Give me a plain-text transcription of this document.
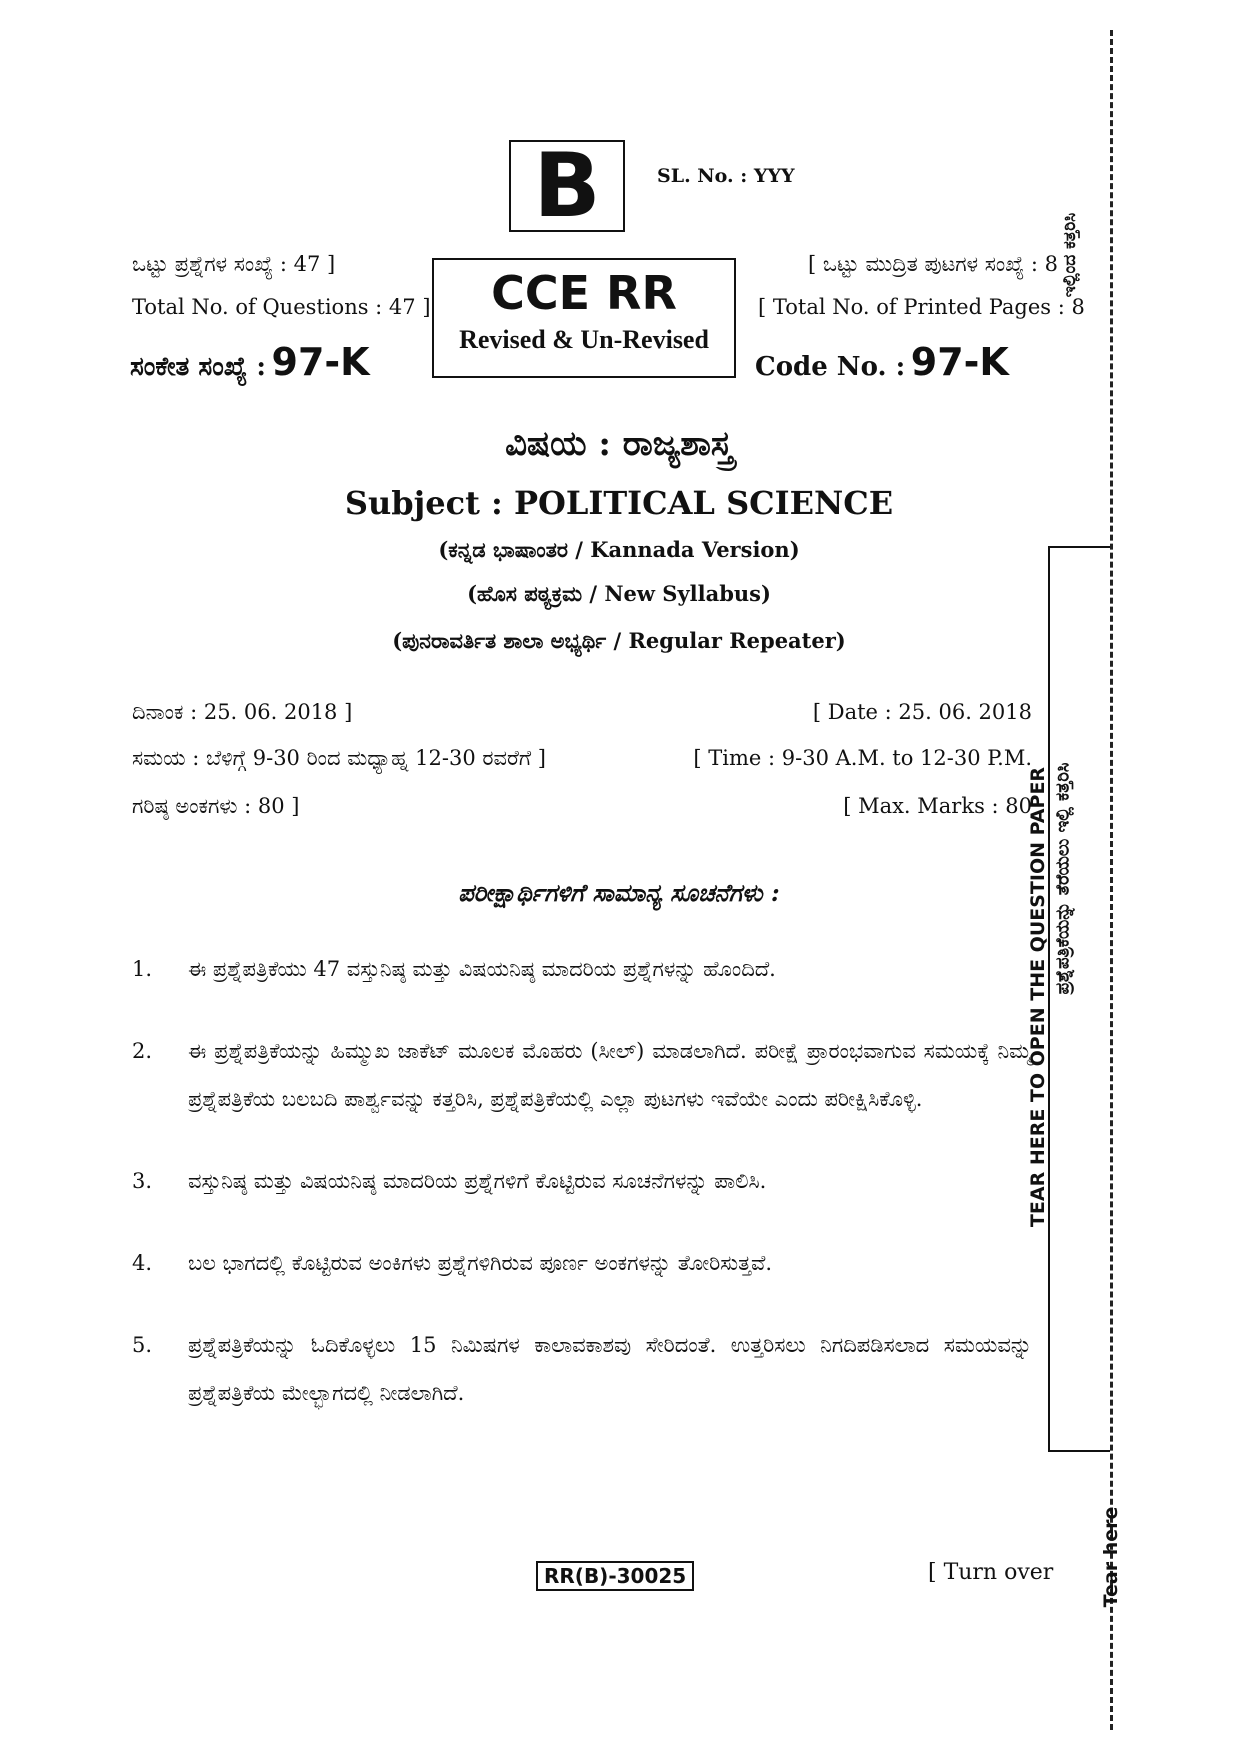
B	SL. No. : YYY
ಒಟ್ಟು ಪ್ರಶ್ನೆಗಳ ಸಂಖ್ಯೆ : 47 ]
Total No. of Questions : 47 ]
[ ಒಟ್ಟು ಮುದ್ರಿತ ಪುಟಗಳ ಸಂಖ್ಯೆ : 8
[ Total No. of Printed Pages : 8
CCE RR
Revised & Un-Revised
ಸಂಕೇತ ಸಂಖ್ಯೆ : 97-K	Code No. : 97-K
ವಿಷಯ : ರಾಜ್ಯಶಾಸ್ತ್ರ
Subject : POLITICAL SCIENCE
(ಕನ್ನಡ ಭಾಷಾಂತರ / Kannada Version)
(ಹೊಸ ಪಠ್ಯಕ್ರಮ / New Syllabus)
(ಪುನರಾವರ್ತಿತ ಶಾಲಾ ಅಭ್ಯರ್ಥಿ / Regular Repeater)
ದಿನಾಂಕ : 25. 06. 2018 ]	[ Date : 25. 06. 2018
ಸಮಯ : ಬೆಳಿಗ್ಗೆ 9-30 ರಿಂದ ಮಧ್ಯಾಹ್ನ 12-30 ರವರೆಗೆ ]	[ Time : 9-30 A.M. to 12-30 P.M.
ಗರಿಷ್ಠ ಅಂಕಗಳು : 80 ]	[ Max. Marks : 80
ಪರೀಕ್ಷಾರ್ಥಿಗಳಿಗೆ ಸಾಮಾನ್ಯ ಸೂಚನೆಗಳು :
1.	ಈ ಪ್ರಶ್ನೆಪತ್ರಿಕೆಯು 47 ವಸ್ತುನಿಷ್ಠ ಮತ್ತು ವಿಷಯನಿಷ್ಠ ಮಾದರಿಯ ಪ್ರಶ್ನೆಗಳನ್ನು ಹೊಂದಿದೆ.
2.	ಈ ಪ್ರಶ್ನೆಪತ್ರಿಕೆಯನ್ನು ಹಿಮ್ಮುಖ ಜಾಕೆಟ್ ಮೂಲಕ ಮೊಹರು (ಸೀಲ್) ಮಾಡಲಾಗಿದೆ. ಪರೀಕ್ಷೆ ಪ್ರಾರಂಭವಾಗುವ ಸಮಯಕ್ಕೆ ನಿಮ್ಮ ಪ್ರಶ್ನೆಪತ್ರಿಕೆಯ ಬಲಬದಿ ಪಾರ್ಶ್ವವನ್ನು ಕತ್ತರಿಸಿ, ಪ್ರಶ್ನೆಪತ್ರಿಕೆಯಲ್ಲಿ ಎಲ್ಲಾ ಪುಟಗಳು ಇವೆಯೇ ಎಂದು ಪರೀಕ್ಷಿಸಿಕೊಳ್ಳಿ.
3.	ವಸ್ತುನಿಷ್ಠ ಮತ್ತು ವಿಷಯನಿಷ್ಠ ಮಾದರಿಯ ಪ್ರಶ್ನೆಗಳಿಗೆ ಕೊಟ್ಟಿರುವ ಸೂಚನೆಗಳನ್ನು ಪಾಲಿಸಿ.
4.	ಬಲ ಭಾಗದಲ್ಲಿ ಕೊಟ್ಟಿರುವ ಅಂಕಿಗಳು ಪ್ರಶ್ನೆಗಳಿಗಿರುವ ಪೂರ್ಣ ಅಂಕಗಳನ್ನು ತೋರಿಸುತ್ತವೆ.
5.	ಪ್ರಶ್ನೆಪತ್ರಿಕೆಯನ್ನು ಓದಿಕೊಳ್ಳಲು 15 ನಿಮಿಷಗಳ ಕಾಲಾವಕಾಶವು ಸೇರಿದಂತೆ. ಉತ್ತರಿಸಲು ನಿಗದಿಪಡಿಸಲಾದ ಸಮಯವನ್ನು ಪ್ರಶ್ನೆಪತ್ರಿಕೆಯ ಮೇಲ್ಭಾಗದಲ್ಲಿ ನೀಡಲಾಗಿದೆ.
RR(B)-30025	[ Turn over
TEAR HERE TO OPEN THE QUESTION PAPER ಪ್ರಶ್ನೆಪತ್ರಿಕೆಯನ್ನು ತೆರೆಯಲು ಇಲ್ಲಿ ಕತ್ತರಿಸಿ
ಇಲ್ಲಿಂದ ಕತ್ತರಿಸಿ
Tear here
